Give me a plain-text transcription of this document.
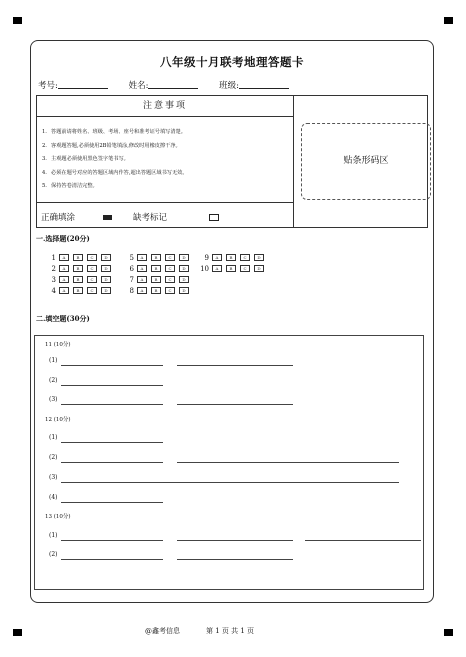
八年级十月联考地理答题卡
考号:	姓名:	班级:
注意事项
1. 答题前请将姓名、班级、考场、座号和准考证号填写清楚。
2. 客观题答题,必须使用2B铅笔填涂,修改时用橡皮擦干净。
3. 主观题必须使用黑色签字笔书写。
4. 必须在题号对应的答题区域内作答,超出答题区域书写无效。
5. 保持答卷清洁完整。
正确填涂	缺考标记
贴条形码区
一.选择题(20分)
二.填空题(30分)
11 (10分)
(1)
(2)
(3)
12 (10分)
(1)
(2)
(3)
(4)
13 (10分)
(1)
(2)
1	A	B	C	D
2	A	B	C	D
3	A	B	C	D
4	A	B	C	D
5	A	B	C	D
6	A	B	C	D
7	A	B	C	D
8	A	B	C	D
9	A	B	C	D
10	A	B	C	D
@鑫考信息	第 1 页 共 1 页
